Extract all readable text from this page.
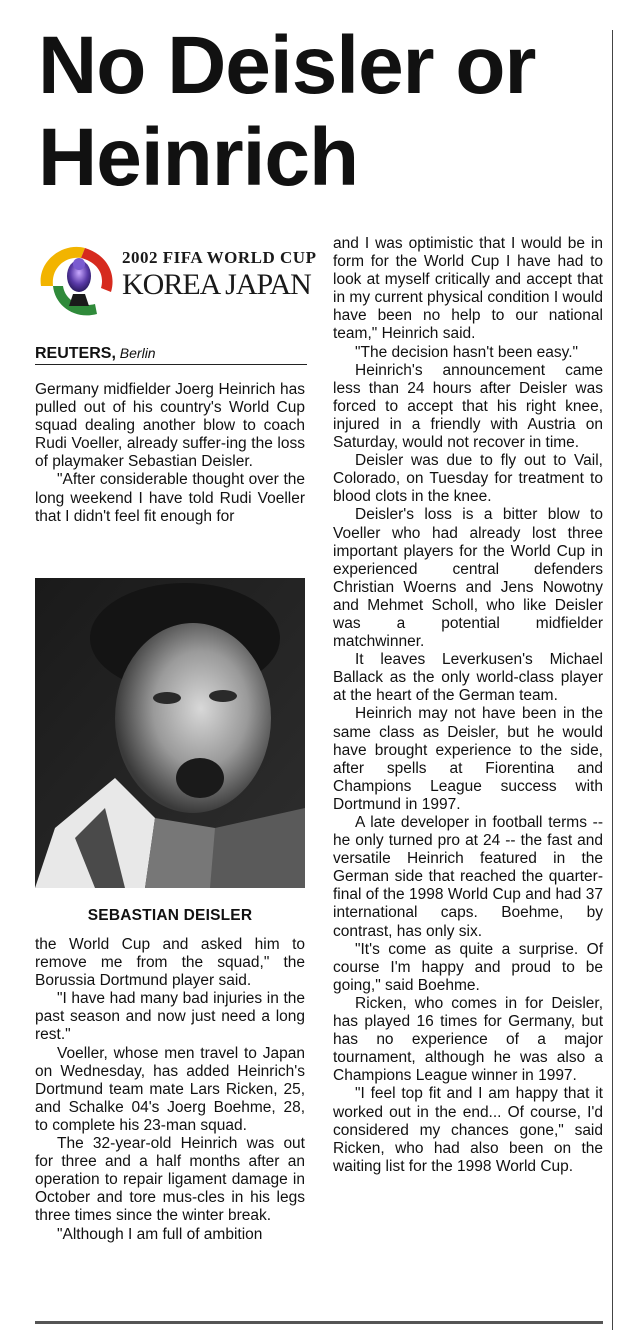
No Deisler or Heinrich
2002 FIFA WORLD CUP
KOREA JAPAN
REUTERS, Berlin

Germany midfielder Joerg Heinrich has pulled out of his country's World Cup squad dealing another blow to coach Rudi Voeller, already suffer-ing the loss of playmaker Sebastian Deisler.

"After considerable thought over the long weekend I have told Rudi Voeller that I didn't feel fit enough for

SEBASTIAN DEISLER

the World Cup and asked him to remove me from the squad," the Borussia Dortmund player said.

"I have had many bad injuries in the past season and now just need a long rest."

Voeller, whose men travel to Japan on Wednesday, has added Heinrich's Dortmund team mate Lars Ricken, 25, and Schalke 04's Joerg Boehme, 28, to complete his 23-man squad.

The 32-year-old Heinrich was out for three and a half months after an operation to repair ligament damage in October and tore mus-cles in his legs three times since the winter break.

"Although I am full of ambition

and I was optimistic that I would be in form for the World Cup I have had to look at myself critically and accept that in my current physical condition I would have been no help to our national team," Heinrich said.

"The decision hasn't been easy."

Heinrich's announcement came less than 24 hours after Deisler was forced to accept that his right knee, injured in a friendly with Austria on Saturday, would not recover in time.

Deisler was due to fly out to Vail, Colorado, on Tuesday for treatment to blood clots in the knee.

Deisler's loss is a bitter blow to Voeller who had already lost three important players for the World Cup in experienced central defenders Christian Woerns and Jens Nowotny and Mehmet Scholl, who like Deisler was a potential midfielder matchwinner.

It leaves Leverkusen's Michael Ballack as the only world-class player at the heart of the German team.

Heinrich may not have been in the same class as Deisler, but he would have brought experience to the side, after spells at Fiorentina and Champions League success with Dortmund in 1997.

A late developer in football terms -- he only turned pro at 24 -- the fast and versatile Heinrich featured in the German side that reached the quarter-final of the 1998 World Cup and had 37 international caps. Boehme, by contrast, has only six.

"It's come as quite a surprise. Of course I'm happy and proud to be going," said Boehme.

Ricken, who comes in for Deisler, has played 16 times for Germany, but has no experience of a major tournament, although he was also a Champions League winner in 1997.

"I feel top fit and I am happy that it worked out in the end... Of course, I'd considered my chances gone," said Ricken, who had also been on the waiting list for the 1998 World Cup.
